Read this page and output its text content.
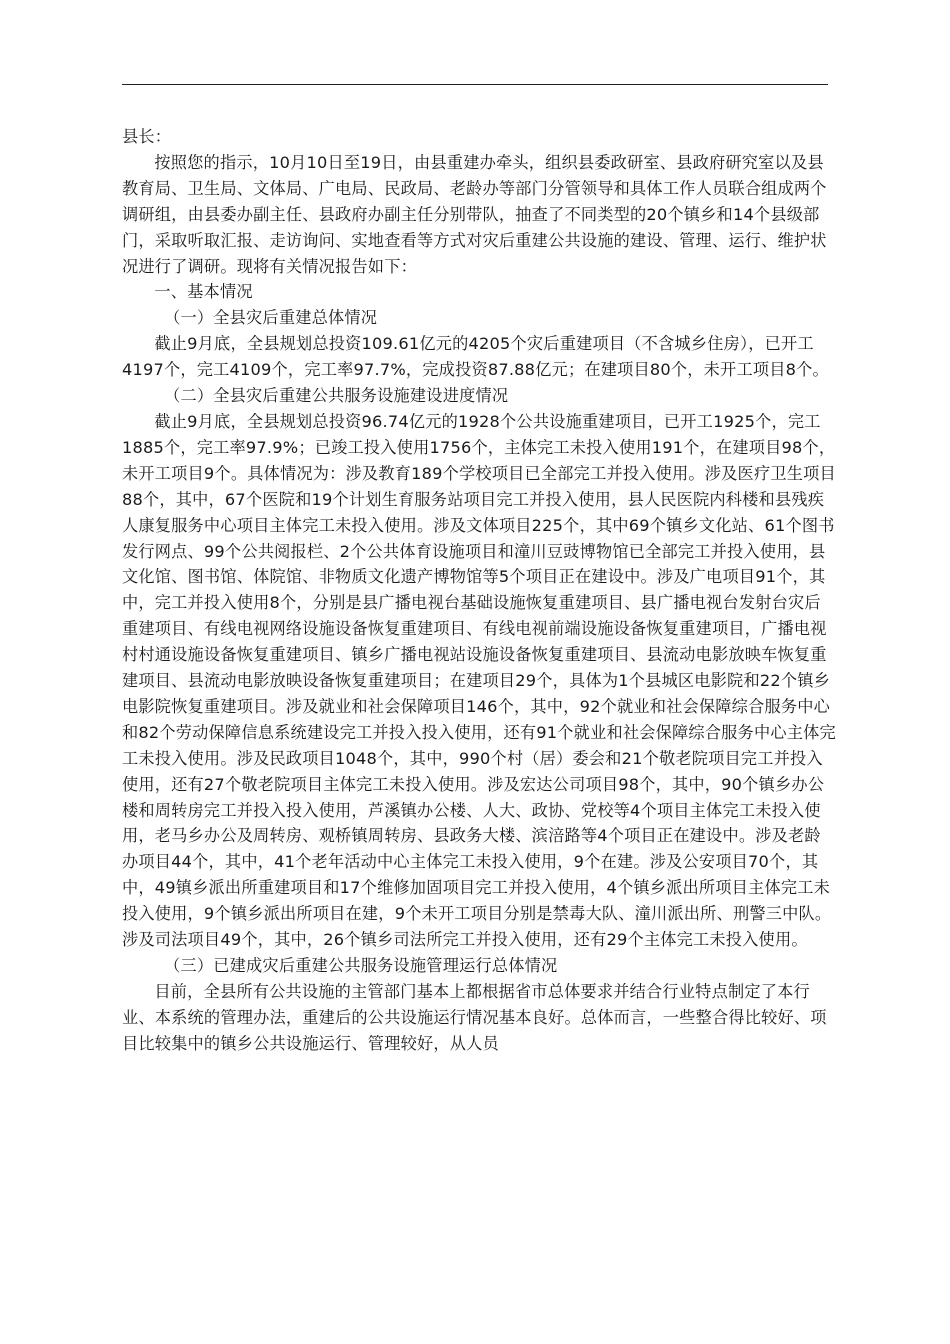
县长：

按照您的指示，10月10日至19日，由县重建办牵头，组织县委政研室、县政府研究室以及县教育局、卫生局、文体局、广电局、民政局、老龄办等部门分管领导和具体工作人员联合组成两个调研组，由县委办副主任、县政府办副主任分别带队，抽查了不同类型的20个镇乡和14个县级部门，采取听取汇报、走访询问、实地查看等方式对灾后重建公共设施的建设、管理、运行、维护状况进行了调研。现将有关情况报告如下：

一、基本情况

（一）全县灾后重建总体情况

截止9月底，全县规划总投资109.61亿元的4205个灾后重建项目（不含城乡住房），已开工4197个，完工4109个，完工率97.7%，完成投资87.88亿元；在建项目80个，未开工项目8个。

（二）全县灾后重建公共服务设施建设进度情况

截止9月底，全县规划总投资96.74亿元的1928个公共设施重建项目，已开工1925个，完工1885个，完工率97.9%；已竣工投入使用1756个，主体完工未投入使用191个，在建项目98个，未开工项目9个。具体情况为：涉及教育189个学校项目已全部完工并投入使用。涉及医疗卫生项目88个，其中，67个医院和19个计划生育服务站项目完工并投入使用，县人民医院内科楼和县残疾人康复服务中心项目主体完工未投入使用。涉及文体项目225个，其中69个镇乡文化站、61个图书发行网点、99个公共阅报栏、2个公共体育设施项目和潼川豆豉博物馆已全部完工并投入使用，县文化馆、图书馆、体院馆、非物质文化遗产博物馆等5个项目正在建设中。涉及广电项目91个，其中，完工并投入使用8个，分别是县广播电视台基础设施恢复重建项目、县广播电视台发射台灾后重建项目、有线电视网络设施设备恢复重建项目、有线电视前端设施设备恢复重建项目，广播电视村村通设施设备恢复重建项目、镇乡广播电视站设施设备恢复重建项目、县流动电影放映车恢复重建项目、县流动电影放映设备恢复重建项目；在建项目29个，具体为1个县城区电影院和22个镇乡电影院恢复重建项目。涉及就业和社会保障项目146个，其中，92个就业和社会保障综合服务中心和82个劳动保障信息系统建设完工并投入投入使用，还有91个就业和社会保障综合服务中心主体完工未投入使用。涉及民政项目1048个，其中，990个村（居）委会和21个敬老院项目完工并投入使用，还有27个敬老院项目主体完工未投入使用。涉及宏达公司项目98个，其中，90个镇乡办公楼和周转房完工并投入投入使用，芦溪镇办公楼、人大、政协、党校等4个项目主体完工未投入使用，老马乡办公及周转房、观桥镇周转房、县政务大楼、滨涪路等4个项目正在建设中。涉及老龄办项目44个，其中，41个老年活动中心主体完工未投入使用，9个在建。涉及公安项目70个，其中，49镇乡派出所重建项目和17个维修加固项目完工并投入使用，4个镇乡派出所项目主体完工未投入使用，9个镇乡派出所项目在建，9个未开工项目分别是禁毒大队、潼川派出所、刑警三中队。涉及司法项目49个，其中，26个镇乡司法所完工并投入使用，还有29个主体完工未投入使用。

（三）已建成灾后重建公共服务设施管理运行总体情况

目前，全县所有公共设施的主管部门基本上都根据省市总体要求并结合行业特点制定了本行业、本系统的管理办法，重建后的公共设施运行情况基本良好。总体而言，一些整合得比较好、项目比较集中的镇乡公共设施运行、管理较好，从人员
